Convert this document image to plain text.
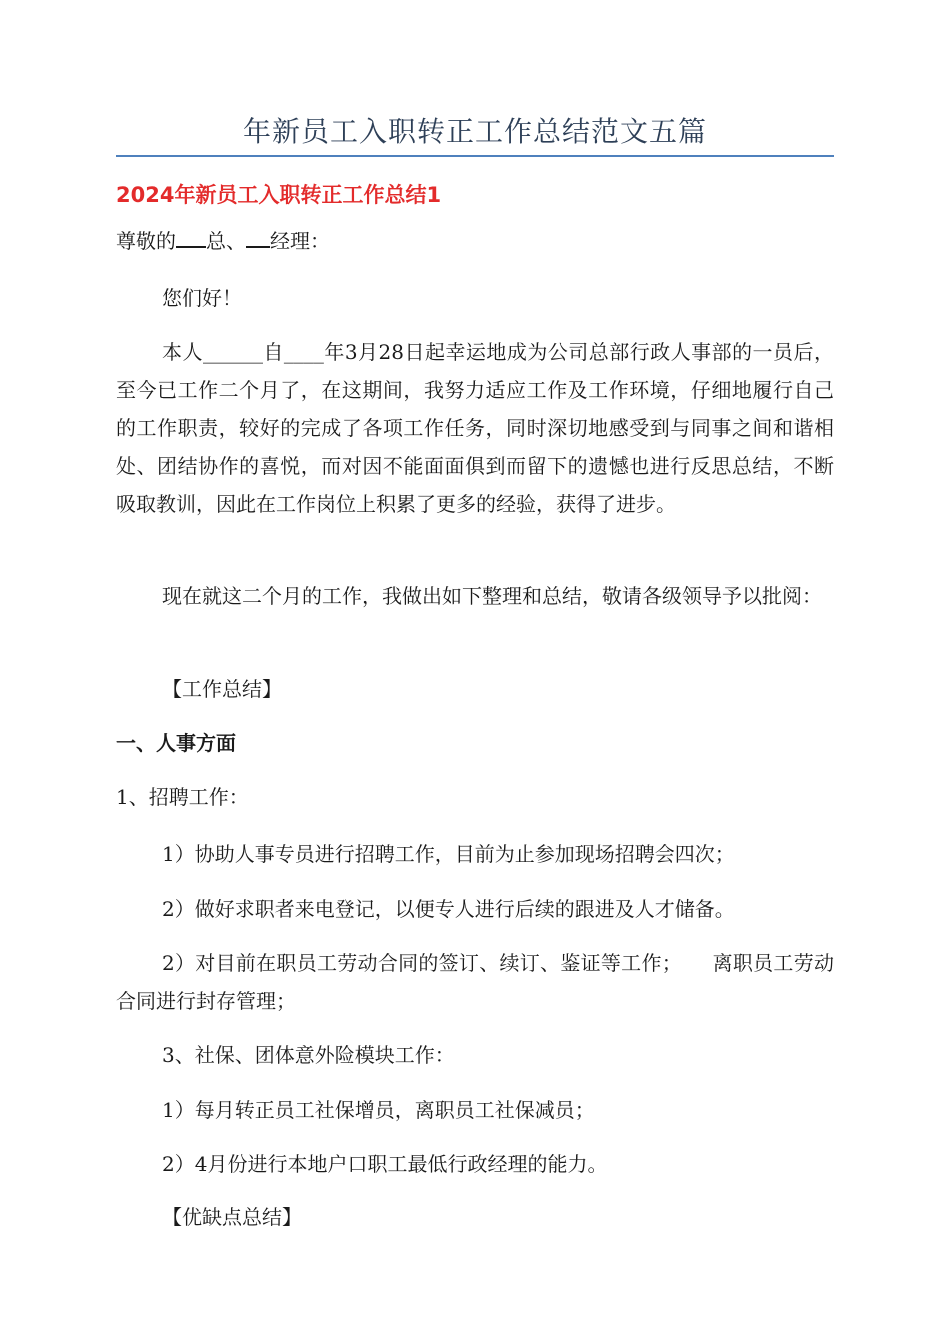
年新员工入职转正工作总结范文五篇
2024年新员工入职转正工作总结1

尊敬的 总、 经理：

您们好！

本人______自____年3月28日起幸运地成为公司总部行政人事部的一员后，至今已工作二个月了，在这期间，我努力适应工作及工作环境，仔细地履行自己的工作职责，较好的完成了各项工作任务，同时深切地感受到与同事之间和谐相处、团结协作的喜悦，而对因不能面面俱到而留下的遗憾也进行反思总结，不断吸取教训，因此在工作岗位上积累了更多的经验，获得了进步。

现在就这二个月的工作，我做出如下整理和总结，敬请各级领导予以批阅：

【工作总结】

一、人事方面

1、招聘工作：

1）协助人事专员进行招聘工作，目前为止参加现场招聘会四次；

2）做好求职者来电登记，以便专人进行后续的跟进及人才储备。

2）对目前在职员工劳动合同的签订、续订、鉴证等工作；　　离职员工劳动合同进行封存管理；

3、社保、团体意外险模块工作：

1）每月转正员工社保增员，离职员工社保减员；

2）4月份进行本地户口职工最低行政经理的能力。

【优缺点总结】
